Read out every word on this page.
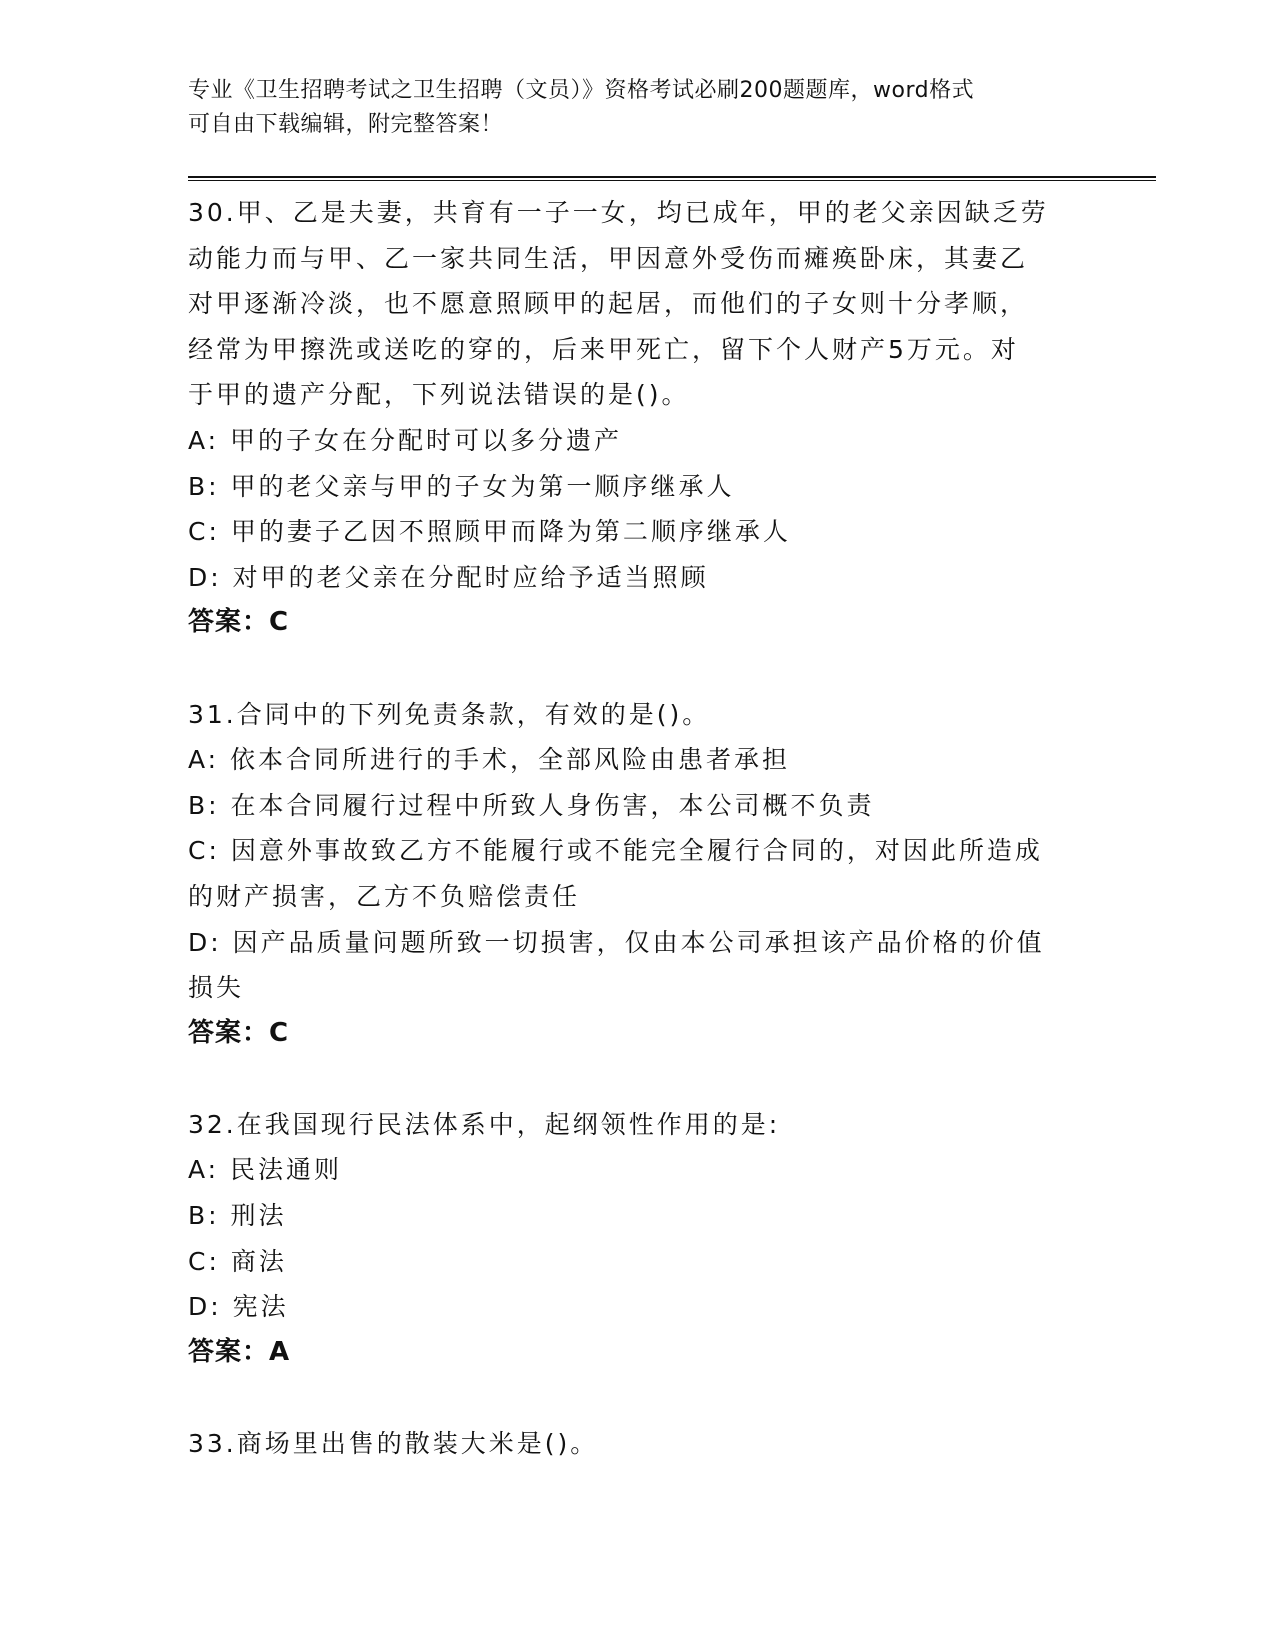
专业《卫生招聘考试之卫生招聘（文员）》资格考试必刷200题题库，word格式
可自由下载编辑，附完整答案！
30.甲、乙是夫妻，共育有一子一女，均已成年，甲的老父亲因缺乏劳
动能力而与甲、乙一家共同生活，甲因意外受伤而瘫痪卧床，其妻乙
对甲逐渐冷淡，也不愿意照顾甲的起居，而他们的子女则十分孝顺，
经常为甲擦洗或送吃的穿的，后来甲死亡，留下个人财产5万元。对
于甲的遗产分配，下列说法错误的是()。
A: 甲的子女在分配时可以多分遗产
B: 甲的老父亲与甲的子女为第一顺序继承人
C: 甲的妻子乙因不照顾甲而降为第二顺序继承人
D: 对甲的老父亲在分配时应给予适当照顾
答案：C
31.合同中的下列免责条款，有效的是()。
A: 依本合同所进行的手术，全部风险由患者承担
B: 在本合同履行过程中所致人身伤害，本公司概不负责
C: 因意外事故致乙方不能履行或不能完全履行合同的，对因此所造成
的财产损害，乙方不负赔偿责任
D: 因产品质量问题所致一切损害，仅由本公司承担该产品价格的价值
损失
答案：C
32.在我国现行民法体系中，起纲领性作用的是:
A: 民法通则
B: 刑法
C: 商法
D: 宪法
答案：A
33.商场里出售的散装大米是()。
